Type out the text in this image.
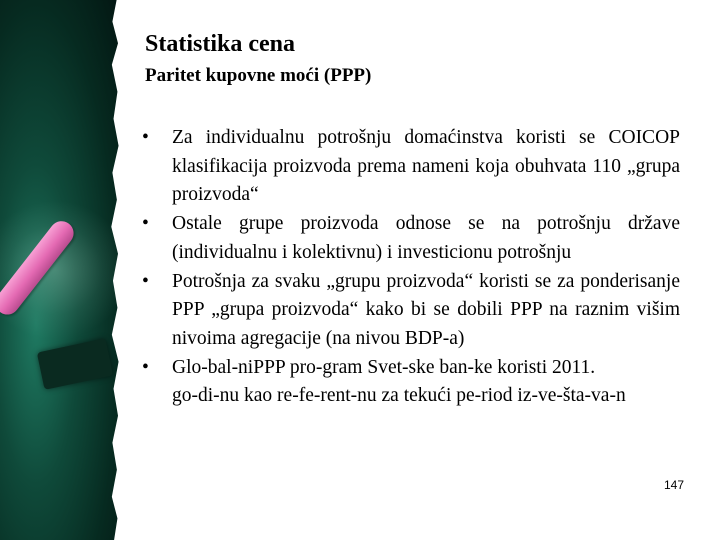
Statistika cena
Paritet kupovne moći (PPP)
• Za individualnu potrošnju domaćinstva koristi se COICOP klasifikacija proizvoda prema nameni koja obuhvata 110 „grupa proizvoda“
• Ostale grupe proizvoda odnose se na potrošnju države (individualnu i kolektivnu) i investicionu potrošnju
• Potrošnja za svaku „grupu proizvoda“ koristi se za ponderisanje PPP „grupa proizvoda“ kako bi se dobili PPP na raznim višim nivoima agregacije (na nivou BDP-a)
• Glo-bal-niPPP pro-gram Svet-ske ban-ke koristi 2011.
go-di-nu kao re-fe-rent-nu za tekući pe-riod iz-ve-šta-va-n
147
